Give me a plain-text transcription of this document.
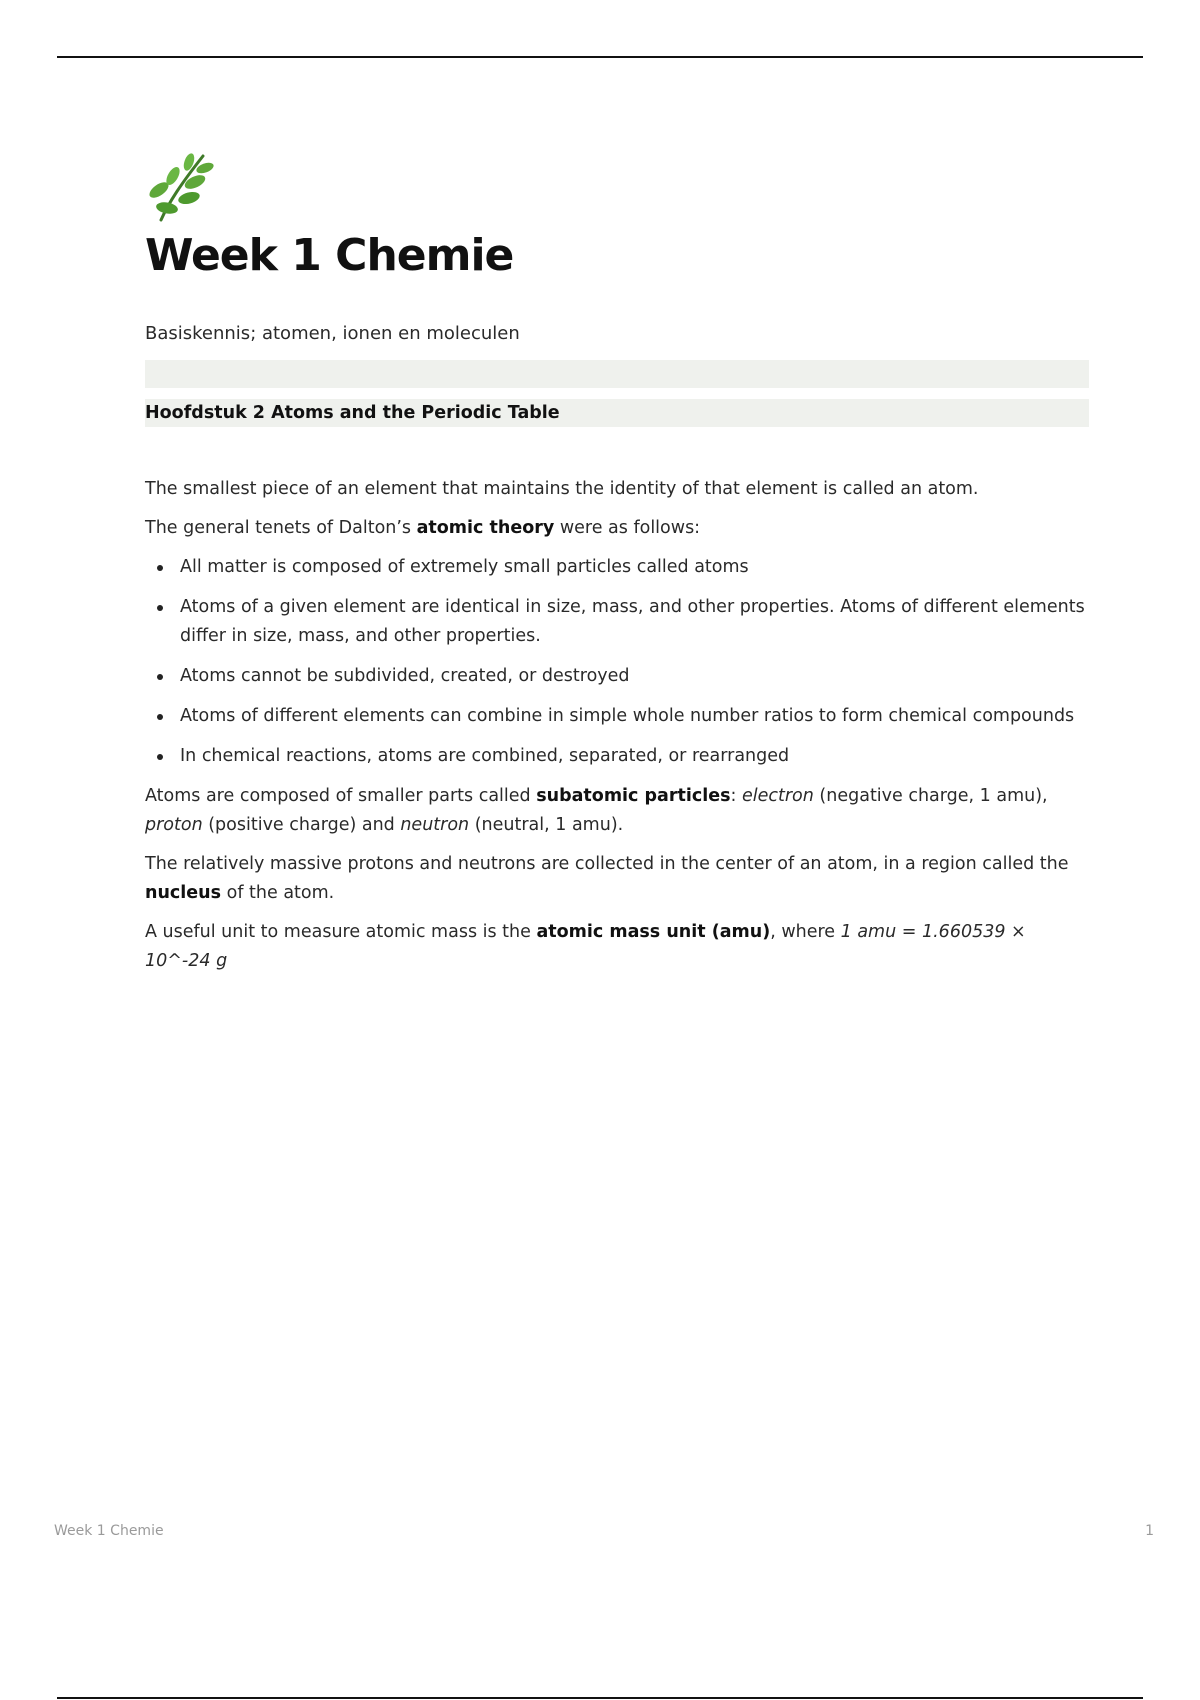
Week 1 Chemie
Basiskennis; atomen, ionen en moleculen
Hoofdstuk 2 Atoms and the Periodic Table

The smallest piece of an element that maintains the identity of that element is called an atom.

The general tenets of Dalton’s atomic theory were as follows:

All matter is composed of extremely small particles called atoms
Atoms of a given element are identical in size, mass, and other properties. Atoms of different elements differ in size, mass, and other properties.
Atoms cannot be subdivided, created, or destroyed
Atoms of different elements can combine in simple whole number ratios to form chemical compounds
In chemical reactions, atoms are combined, separated, or rearranged

Atoms are composed of smaller parts called subatomic particles: electron (negative charge, 1 amu), proton (positive charge) and neutron (neutral, 1 amu).

The relatively massive protons and neutrons are collected in the center of an atom, in a region called the nucleus of the atom.

A useful unit to measure atomic mass is the atomic mass unit (amu), where 1 amu = 1.660539 × 10^-24 g

Week 1 Chemie	1
